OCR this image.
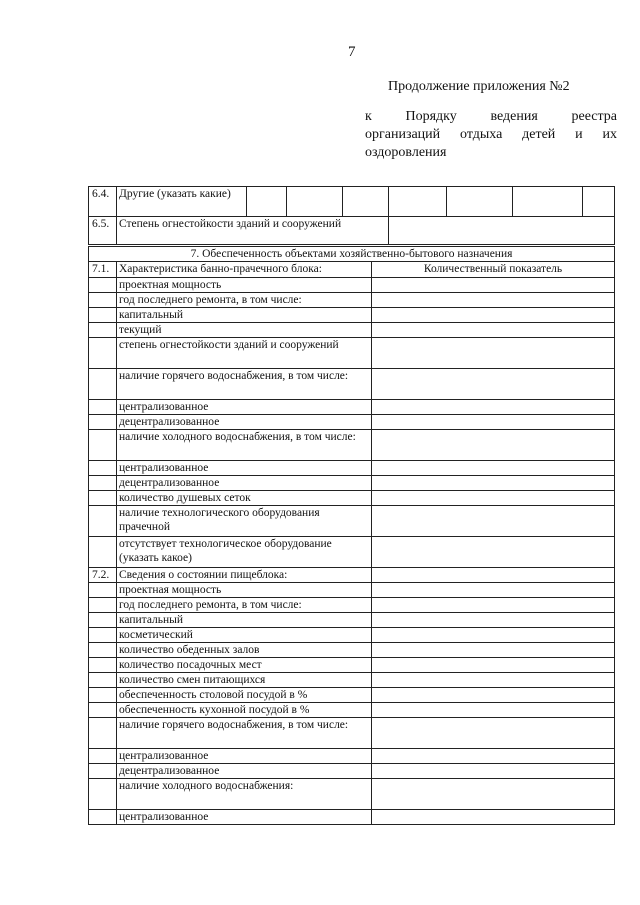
7
Продолжение приложения №2
к Порядку ведения реестра
организаций отдыха детей и их
оздоровления
6.4.	Другие (указать какие)							
6.5.	Степень огнестойкости зданий и сооружений							
7. Обеспеченность объектами хозяйственно-бытового назначения		
7.1.	Характеристика банно-прачечного блока:	Количественный показатель
	проектная мощность	
	год последнего ремонта, в том числе:	
	капитальный	
	текущий	
	степень огнестойкости зданий и сооружений	
	наличие горячего водоснабжения, в том числе:	
	централизованное	
	децентрализованное	
	наличие холодного водоснабжения, в том числе:	
	централизованное	
	децентрализованное	
	количество душевых сеток	
	наличие технологического оборудования прачечной	
	отсутствует технологическое оборудование (указать какое)	
7.2.	Сведения о состоянии пищеблока:	
	проектная мощность	
	год последнего ремонта, в том числе:	
	капитальный	
	косметический	
	количество обеденных залов	
	количество посадочных мест	
	количество смен питающихся	
	обеспеченность столовой посудой в %	
	обеспеченность кухонной посудой в %	
	наличие горячего водоснабжения, в том числе:	
	централизованное	
	децентрализованное	
	наличие холодного водоснабжения:	
	централизованное	
